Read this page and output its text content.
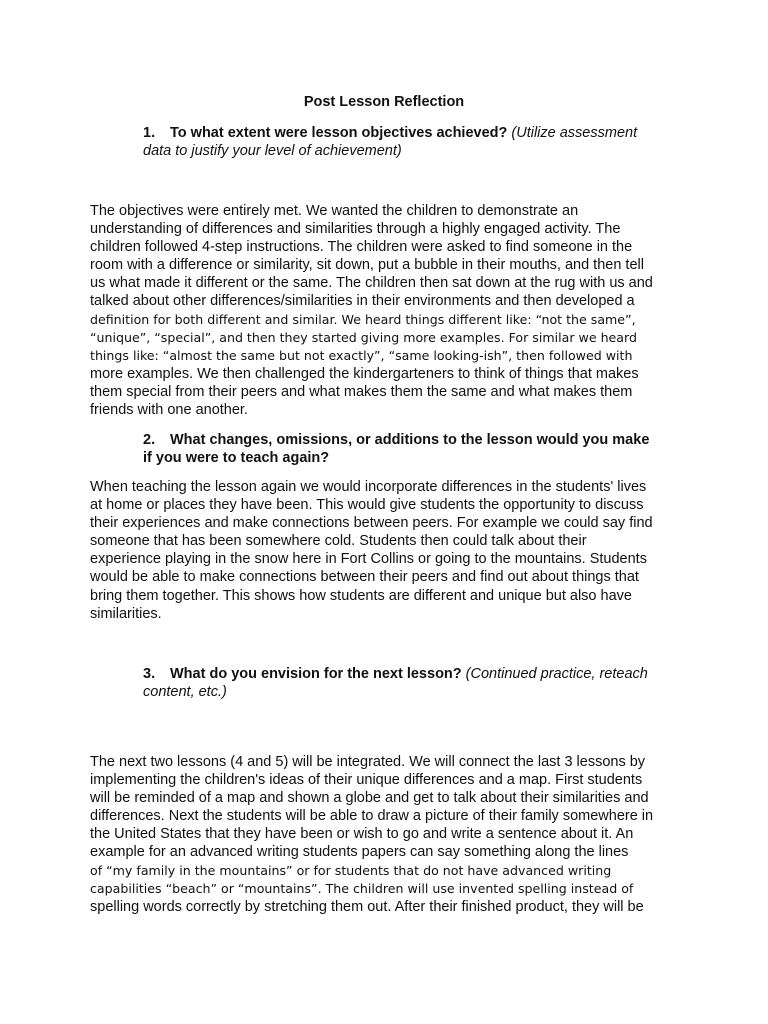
Post Lesson Reflection
1. To what extent were lesson objectives achieved? (Utilize assessment
data to justify your level of achievement)
The objectives were entirely met. We wanted the children to demonstrate an
understanding of differences and similarities through a highly engaged activity. The
children followed 4-step instructions. The children were asked to find someone in the
room with a difference or similarity, sit down, put a bubble in their mouths, and then tell
us what made it different or the same. The children then sat down at the rug with us and
talked about other differences/similarities in their environments and then developed a
definition for both different and similar. We heard things different like: “not the same”,
“unique”, “special”, and then they started giving more examples. For similar we heard
things like: “almost the same but not exactly”, “same looking-ish”, then followed with
more examples. We then challenged the kindergarteners to think of things that makes
them special from their peers and what makes them the same and what makes them
friends with one another.
2. What changes, omissions, or additions to the lesson would you make
if you were to teach again?
When teaching the lesson again we would incorporate differences in the students' lives
at home or places they have been. This would give students the opportunity to discuss
their experiences and make connections between peers. For example we could say find
someone that has been somewhere cold. Students then could talk about their
experience playing in the snow here in Fort Collins or going to the mountains. Students
would be able to make connections between their peers and find out about things that
bring them together. This shows how students are different and unique but also have
similarities.
3. What do you envision for the next lesson? (Continued practice, reteach
content, etc.)
The next two lessons (4 and 5) will be integrated. We will connect the last 3 lessons by
implementing the children's ideas of their unique differences and a map. First students
will be reminded of a map and shown a globe and get to talk about their similarities and
differences. Next the students will be able to draw a picture of their family somewhere in
the United States that they have been or wish to go and write a sentence about it. An
example for an advanced writing students papers can say something along the lines
of “my family in the mountains” or for students that do not have advanced writing
capabilities “beach” or “mountains”. The children will use invented spelling instead of
spelling words correctly by stretching them out. After their finished product, they will be
